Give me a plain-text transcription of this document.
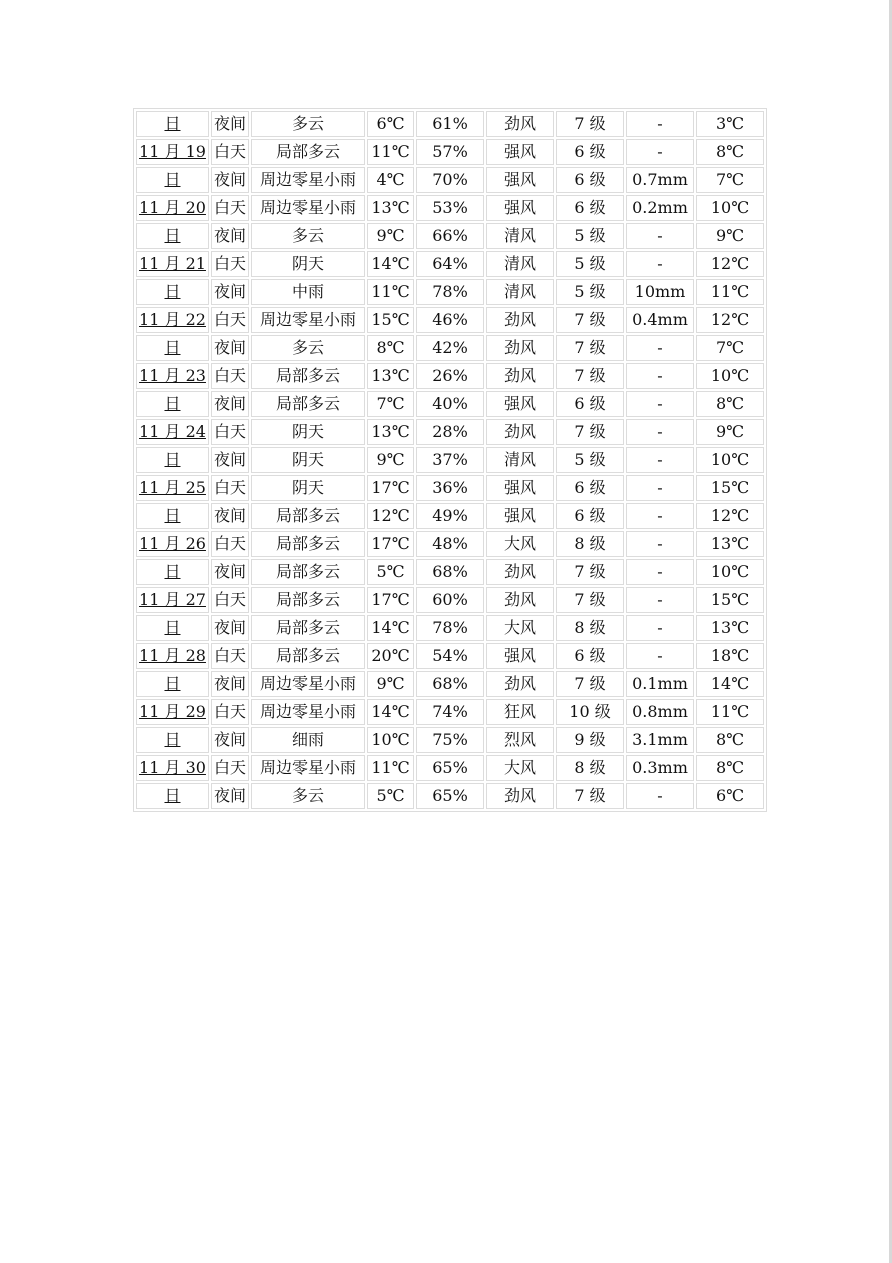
日	夜间	多云	6℃	61%	劲风	7 级	-	3℃
11 月 19	白天	局部多云	11℃	57%	强风	6 级	-	8℃
日	夜间	周边零星小雨	4℃	70%	强风	6 级	0.7mm	7℃
11 月 20	白天	周边零星小雨	13℃	53%	强风	6 级	0.2mm	10℃
日	夜间	多云	9℃	66%	清风	5 级	-	9℃
11 月 21	白天	阴天	14℃	64%	清风	5 级	-	12℃
日	夜间	中雨	11℃	78%	清风	5 级	10mm	11℃
11 月 22	白天	周边零星小雨	15℃	46%	劲风	7 级	0.4mm	12℃
日	夜间	多云	8℃	42%	劲风	7 级	-	7℃
11 月 23	白天	局部多云	13℃	26%	劲风	7 级	-	10℃
日	夜间	局部多云	7℃	40%	强风	6 级	-	8℃
11 月 24	白天	阴天	13℃	28%	劲风	7 级	-	9℃
日	夜间	阴天	9℃	37%	清风	5 级	-	10℃
11 月 25	白天	阴天	17℃	36%	强风	6 级	-	15℃
日	夜间	局部多云	12℃	49%	强风	6 级	-	12℃
11 月 26	白天	局部多云	17℃	48%	大风	8 级	-	13℃
日	夜间	局部多云	5℃	68%	劲风	7 级	-	10℃
11 月 27	白天	局部多云	17℃	60%	劲风	7 级	-	15℃
日	夜间	局部多云	14℃	78%	大风	8 级	-	13℃
11 月 28	白天	局部多云	20℃	54%	强风	6 级	-	18℃
日	夜间	周边零星小雨	9℃	68%	劲风	7 级	0.1mm	14℃
11 月 29	白天	周边零星小雨	14℃	74%	狂风	10 级	0.8mm	11℃
日	夜间	细雨	10℃	75%	烈风	9 级	3.1mm	8℃
11 月 30	白天	周边零星小雨	11℃	65%	大风	8 级	0.3mm	8℃
日	夜间	多云	5℃	65%	劲风	7 级	-	6℃
